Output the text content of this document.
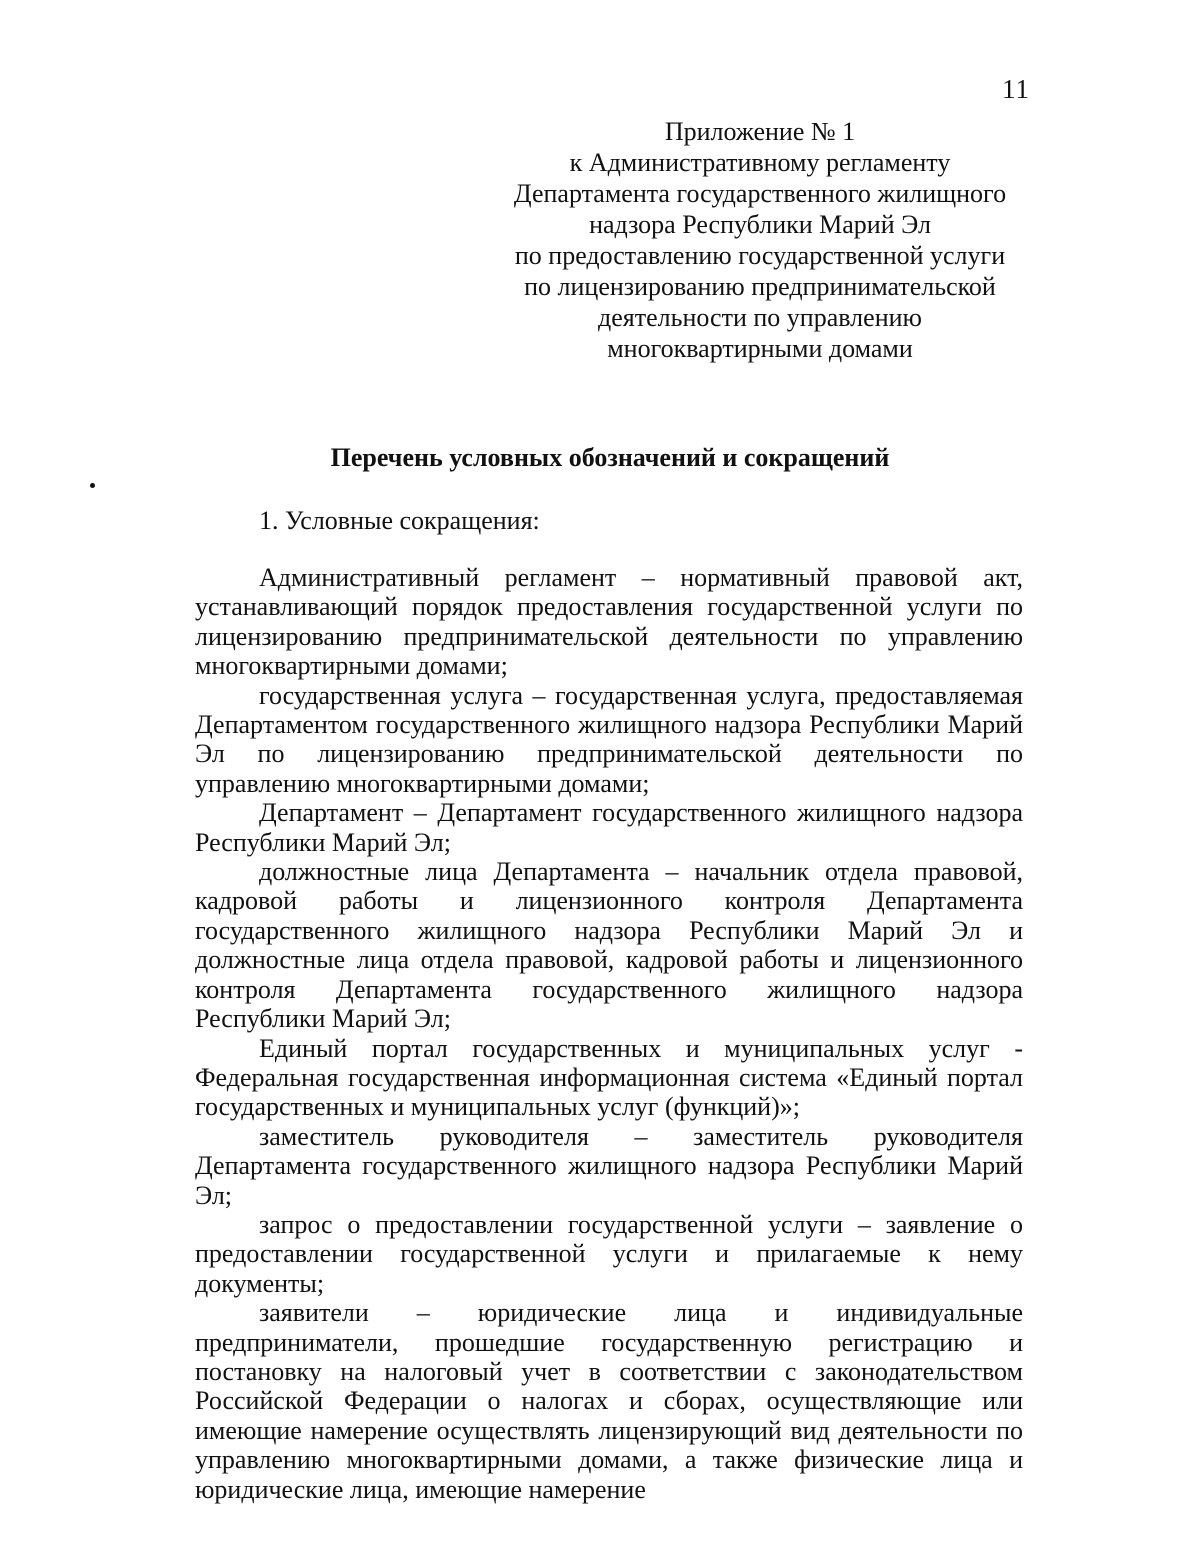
11
Приложение № 1
к Административному регламенту
Департамента государственного жилищного
надзора Республики Марий Эл
по предоставлению государственной услуги
по лицензированию предпринимательской
деятельности по управлению
многоквартирными домами
Перечень условных обозначений и сокращений
1. Условные сокращения:

Административный регламент – нормативный правовой акт, устанавливающий порядок предоставления государственной услуги по лицензированию предпринимательской деятельности по управлению многоквартирными домами;

государственная услуга – государственная услуга, предоставляемая Департаментом государственного жилищного надзора Республики Марий Эл по лицензированию предпринимательской деятельности по управлению многоквартирными домами;

Департамент – Департамент государственного жилищного надзора Республики Марий Эл;

должностные лица Департамента – начальник отдела правовой, кадровой работы и лицензионного контроля Департамента государственного жилищного надзора Республики Марий Эл и должностные лица отдела правовой, кадровой работы и лицензионного контроля Департамента государственного жилищного надзора Республики Марий Эл;

Единый портал государственных и муниципальных услуг - Федеральная государственная информационная система «Единый портал государственных и муниципальных услуг (функций)»;

заместитель руководителя – заместитель руководителя Департамента государственного жилищного надзора Республики Марий Эл;

запрос о предоставлении государственной услуги – заявление о предоставлении государственной услуги и прилагаемые к нему документы;

заявители – юридические лица и индивидуальные предприниматели, прошедшие государственную регистрацию и постановку на налоговый учет в соответствии с законодательством Российской Федерации о налогах и сборах, осуществляющие или имеющие намерение осуществлять лицензирующий вид деятельности по управлению многоквартирными домами, а также физические лица и юридические лица, имеющие намерение
